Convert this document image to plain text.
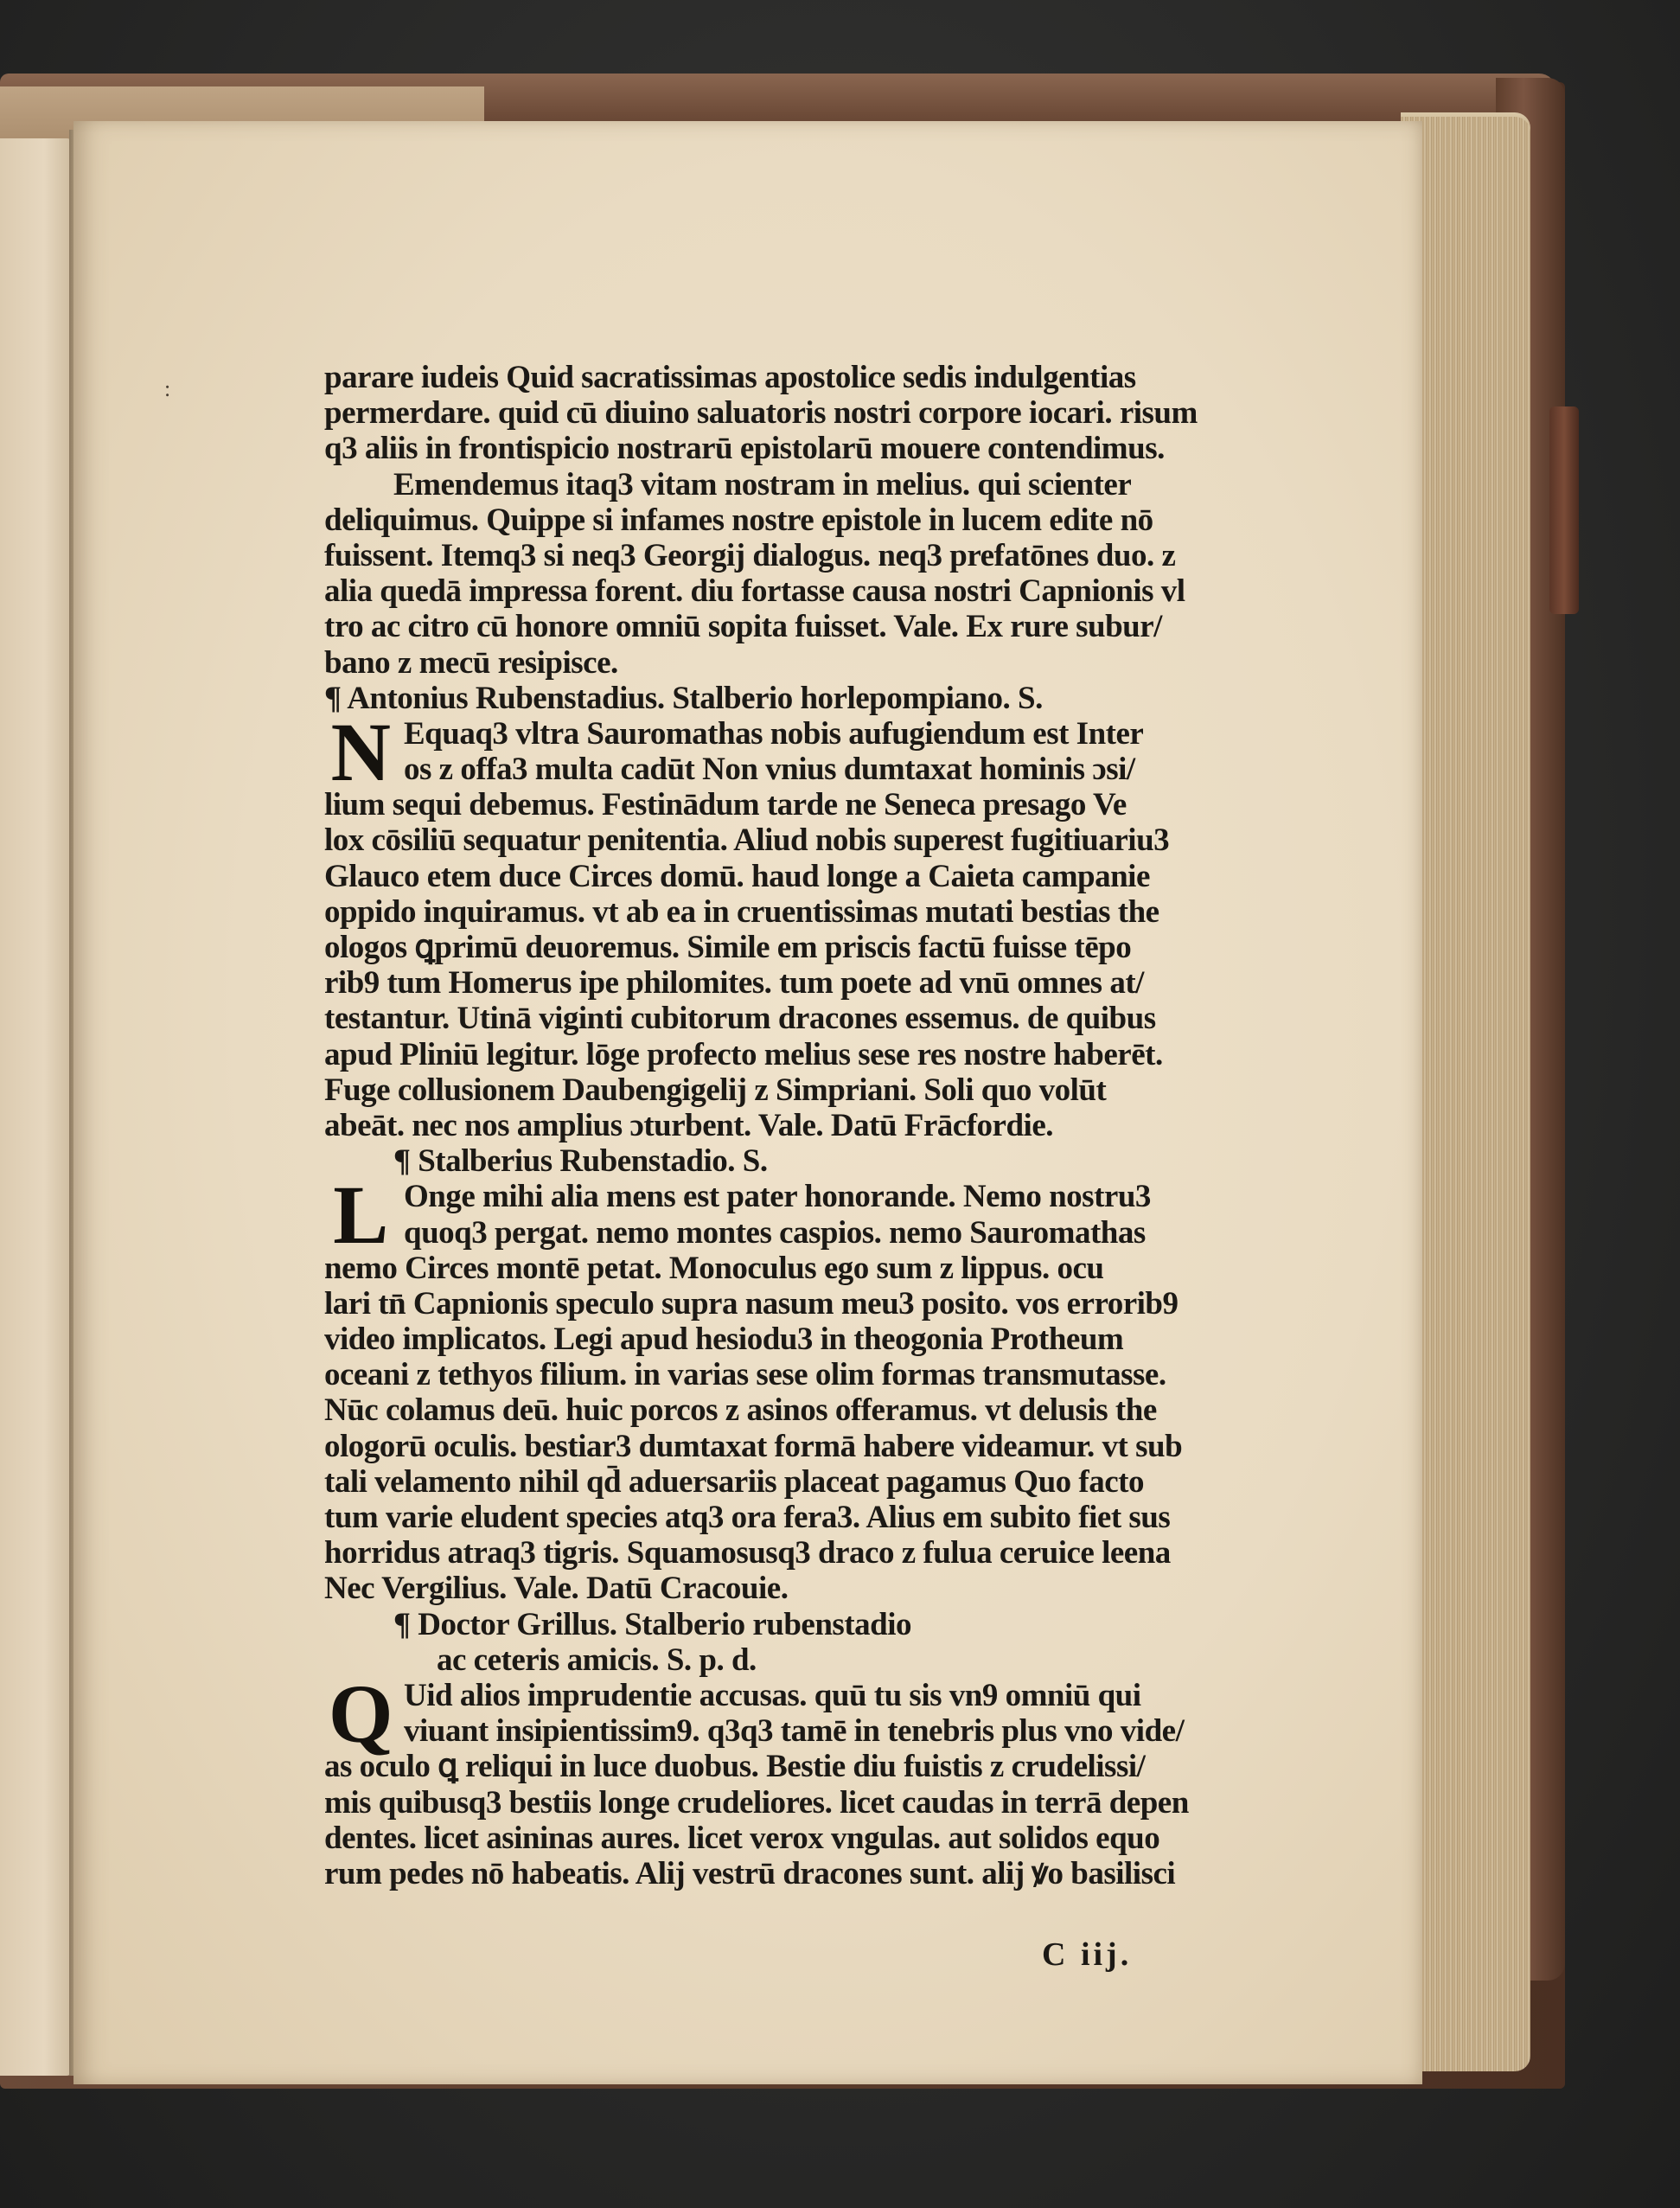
:	parare iudeis Quid sacratissimas apostolice sedis indulgentias
permerdare. quid cū diuino saluatoris nostri corpore iocari. risum
q3 aliis in frontispicio nostrarū epistolarū mouere contendimus.
Emendemus itaq3 vitam nostram in melius. qui scienter
deliquimus. Quippe si infames nostre epistole in lucem edite nō
fuissent. Itemq3 si neq3 Georgij dialogus. neq3 prefatōnes duo. z
alia quedā impressa forent. diu fortasse causa nostri Capnionis vl
tro ac citro cū honore omniū sopita fuisset. Vale. Ex rure subur/
bano z mecū resipisce.
¶ Antonius Rubenstadius. Stalberio horlepompiano. S.
N Equaq3 vltra Sauromathas nobis aufugiendum est Inter
os z offa3 multa cadūt Non vnius dumtaxat hominis ɔsi/
lium sequi debemus. Festinādum tarde ne Seneca presago Ve
lox cōsiliū sequatur penitentia. Aliud nobis superest fugitiuariu3
Glauco etem duce Circes domū. haud longe a Caieta campanie
oppido inquiramus. vt ab ea in cruentissimas mutati bestias the
ologos ꝗprimū deuoremus. Simile em priscis factū fuisse tēpo
rib9 tum Homerus ipe philomites. tum poete ad vnū omnes at/
testantur. Utinā viginti cubitorum dracones essemus. de quibus
apud Pliniū legitur. lōge profecto melius sese res nostre haberēt.
Fuge collusionem Daubengigelij z Simpriani. Soli quo volūt
abeāt. nec nos amplius ɔturbent. Vale. Datū Frācfordie.
¶ Stalberius Rubenstadio. S.
L Onge mihi alia mens est pater honorande. Nemo nostru3
quoq3 pergat. nemo montes caspios. nemo Sauromathas
nemo Circes montē petat. Monoculus ego sum z lippus. ocu
lari tn̄ Capnionis speculo supra nasum meu3 posito. vos errorib9
video implicatos. Legi apud hesiodu3 in theogonia Protheum
oceani z tethyos filium. in varias sese olim formas transmutasse.
Nūc colamus deū. huic porcos z asinos offeramus. vt delusis the
ologorū oculis. bestiar3 dumtaxat formā habere videamur. vt sub
tali velamento nihil qd̄ aduersariis placeat pagamus Quo facto
tum varie eludent species atq3 ora fera3. Alius em subito fiet sus
horridus atraq3 tigris. Squamosusq3 draco z fulua ceruice leena
Nec Vergilius. Vale. Datū Cracouie.
¶ Doctor Grillus. Stalberio rubenstadio
ac ceteris amicis. S. p. d.
Q Uid alios imprudentie accusas. quū tu sis vn9 omniū qui
viuant insipientissim9. q3q3 tamē in tenebris plus vno vide/
as oculo ꝗ reliqui in luce duobus. Bestie diu fuistis z crudelissi/
mis quibusq3 bestiis longe crudeliores. licet caudas in terrā depen
dentes. licet asininas aures. licet verox vngulas. aut solidos equo
rum pedes nō habeatis. Alij vestrū dracones sunt. alij ꝟo basilisci
C iij.
